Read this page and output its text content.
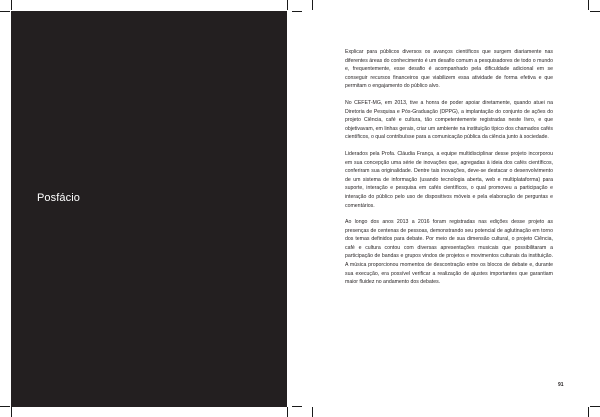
Posfácio

Explicar para públicos diversos os avanços científicos que surgem diariamente nas diferentes áreas do conhecimento é um desafio comum a pesquisadores de todo o mundo e, frequentemente, esse desafio é acompanhado pela dificuldade adicional em se conseguir recursos financeiros que viabilizem essa atividade de forma efetiva e que permitam o engajamento do público alvo.

No CEFET-MG, em 2013, tive a honra de poder apoiar diretamente, quando atuei na Diretoria de Pesquisa e Pós-Graduação (DPPG), a implantação do conjunto de ações do projeto Ciência, café e cultura, tão competentemente registradas neste livro, e que objetivavam, em linhas gerais, criar um ambiente na instituição típico dos chamados cafés científicos, o qual contribuísse para a comunicação pública da ciência junto à sociedade.

Liderados pela Profa. Cláudia França, a equipe multidisciplinar desse projeto incorporou em sua concepção uma série de inovações que, agregadas à ideia dos cafés científicos, conferiram sua originalidade. Dentre tais inovações, deve-se destacar o desenvolvimento de um sistema de informação (usando tecnologia aberta, web e multiplataforma) para suporte, interação e pesquisa em cafés científicos, o qual promoveu a participação e interação do público pelo uso de dispositivos móveis e pela elaboração de perguntas e comentários.

Ao longo dos anos 2013 a 2016 foram registradas nas edições desse projeto as presenças de centenas de pessoas, demonstrando seu potencial de aglutinação em torno dos temas definidos para debate. Por meio de sua dimensão cultural, o projeto Ciência, café e cultura contou com diversas apresentações musicais que possibilitaram a participação de bandas e grupos vindos de projetos e movimentos culturais da instituição. A música proporcionou momentos de descontração entre os blocos de debate e, durante sua execução, era possível verificar a realização de ajustes importantes que garantiam maior fluidez no andamento dos debates.

91
